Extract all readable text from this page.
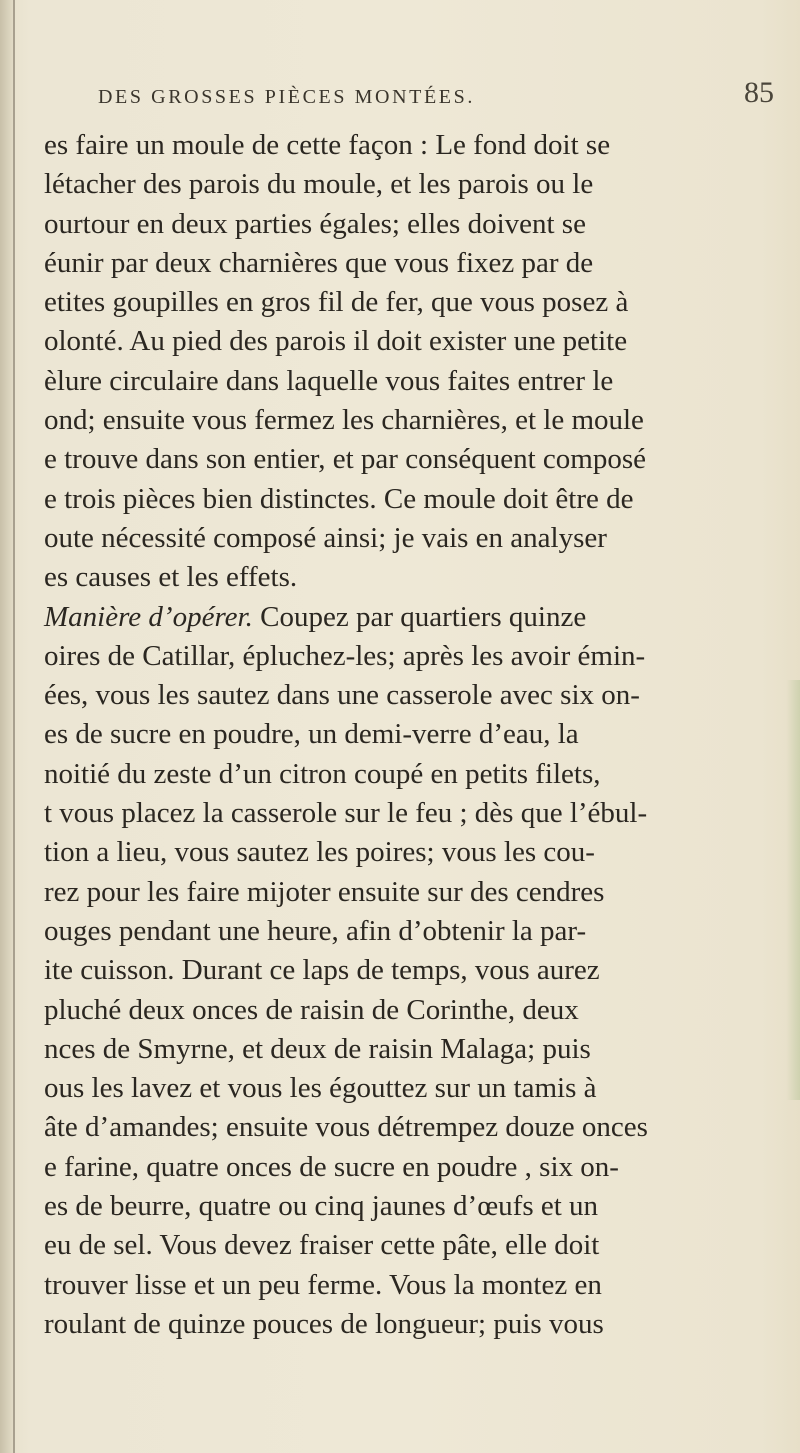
DES GROSSES PIÈCES MONTÉES.	85
es faire un moule de cette façon : Le fond doit se
létacher des parois du moule, et les parois ou le
ourtour en deux parties égales; elles doivent se
éunir par deux charnières que vous fixez par de
etites goupilles en gros fil de fer, que vous posez à
olonté. Au pied des parois il doit exister une petite
èlure circulaire dans laquelle vous faites entrer le
ond; ensuite vous fermez les charnières, et le moule
e trouve dans son entier, et par conséquent composé
e trois pièces bien distinctes. Ce moule doit être de
oute nécessité composé ainsi; je vais en analyser
es causes et les effets.
Manière d’opérer. Coupez par quartiers quinze
oires de Catillar, épluchez-les; après les avoir émin-
ées, vous les sautez dans une casserole avec six on-
es de sucre en poudre, un demi-verre d’eau, la
noitié du zeste d’un citron coupé en petits filets,
t vous placez la casserole sur le feu ; dès que l’ébul-
tion a lieu, vous sautez les poires; vous les cou-
rez pour les faire mijoter ensuite sur des cendres
ouges pendant une heure, afin d’obtenir la par-
ite cuisson. Durant ce laps de temps, vous aurez
pluché deux onces de raisin de Corinthe, deux
nces de Smyrne, et deux de raisin Malaga; puis
ous les lavez et vous les égouttez sur un tamis à
âte d’amandes; ensuite vous détrempez douze onces
e farine, quatre onces de sucre en poudre , six on-
es de beurre, quatre ou cinq jaunes d’œufs et un
eu de sel. Vous devez fraiser cette pâte, elle doit
trouver lisse et un peu ferme. Vous la montez en
roulant de quinze pouces de longueur; puis vous
